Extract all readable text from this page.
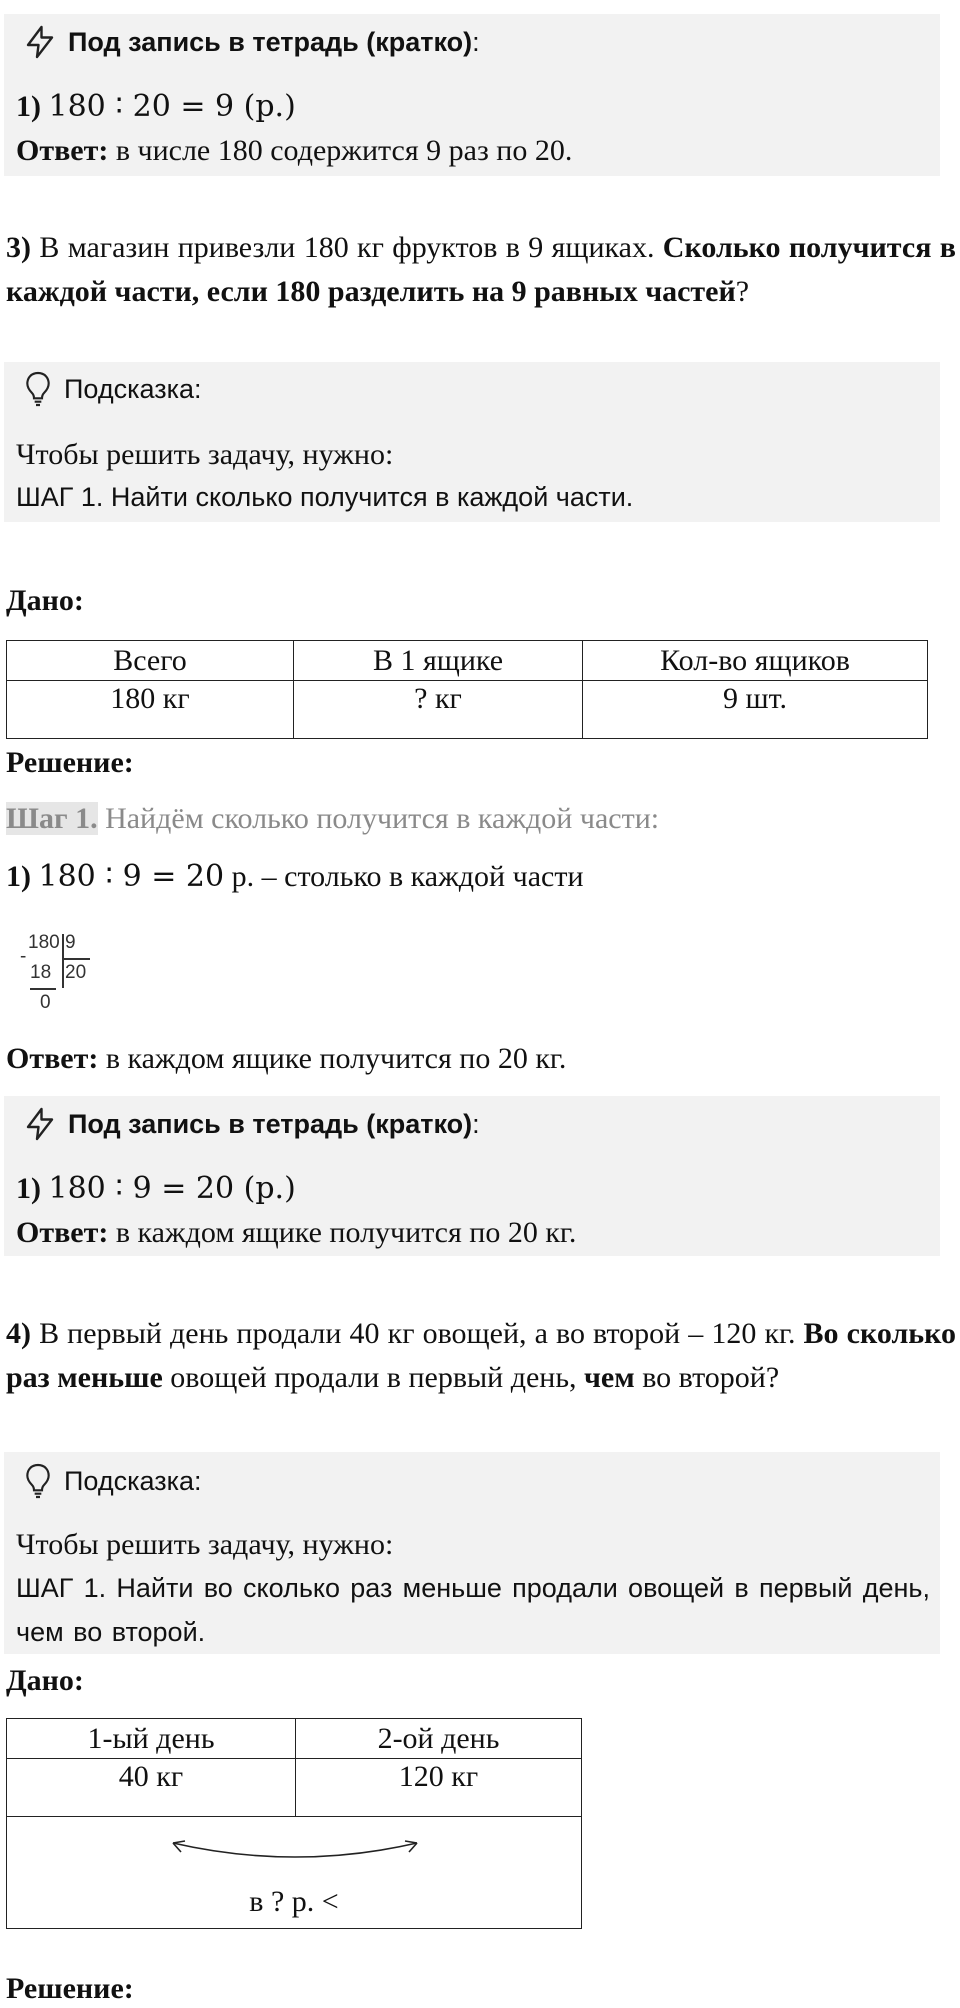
Под запись в тетрадь (кратко):
1) 180 ∶ 20 = 9 (р.)
Ответ: в числе 180 содержится 9 раз по 20.
3) В магазин привезли 180 кг фруктов в 9 ящиках. Сколько получится в каждой части, если 180 разделить на 9 равных частей?
Подсказка:
Чтобы решить задачу, нужно:
ШАГ 1. Найти сколько получится в каждой части.
Дано:
Всего	В 1 ящике	Кол-во ящиков
180 кг	? кг	9 шт.
Решение:
Шаг 1. Найдём сколько получится в каждой части:
1) 180 ∶ 9 = 20 р. – столько в каждой части
180 9
-
18 20
0
Ответ: в каждом ящике получится по 20 кг.
Под запись в тетрадь (кратко):
1) 180 ∶ 9 = 20 (р.)
Ответ: в каждом ящике получится по 20 кг.
4) В первый день продали 40 кг овощей, а во второй – 120 кг. Во сколько раз меньше овощей продали в первый день, чем во второй?
Подсказка:
Чтобы решить задачу, нужно:
ШАГ 1. Найти во сколько раз меньше продали овощей в первый день, чем во второй.
Дано:
1-ый день	2-ой день
40 кг	120 кг

в ? р. <	
Решение:
